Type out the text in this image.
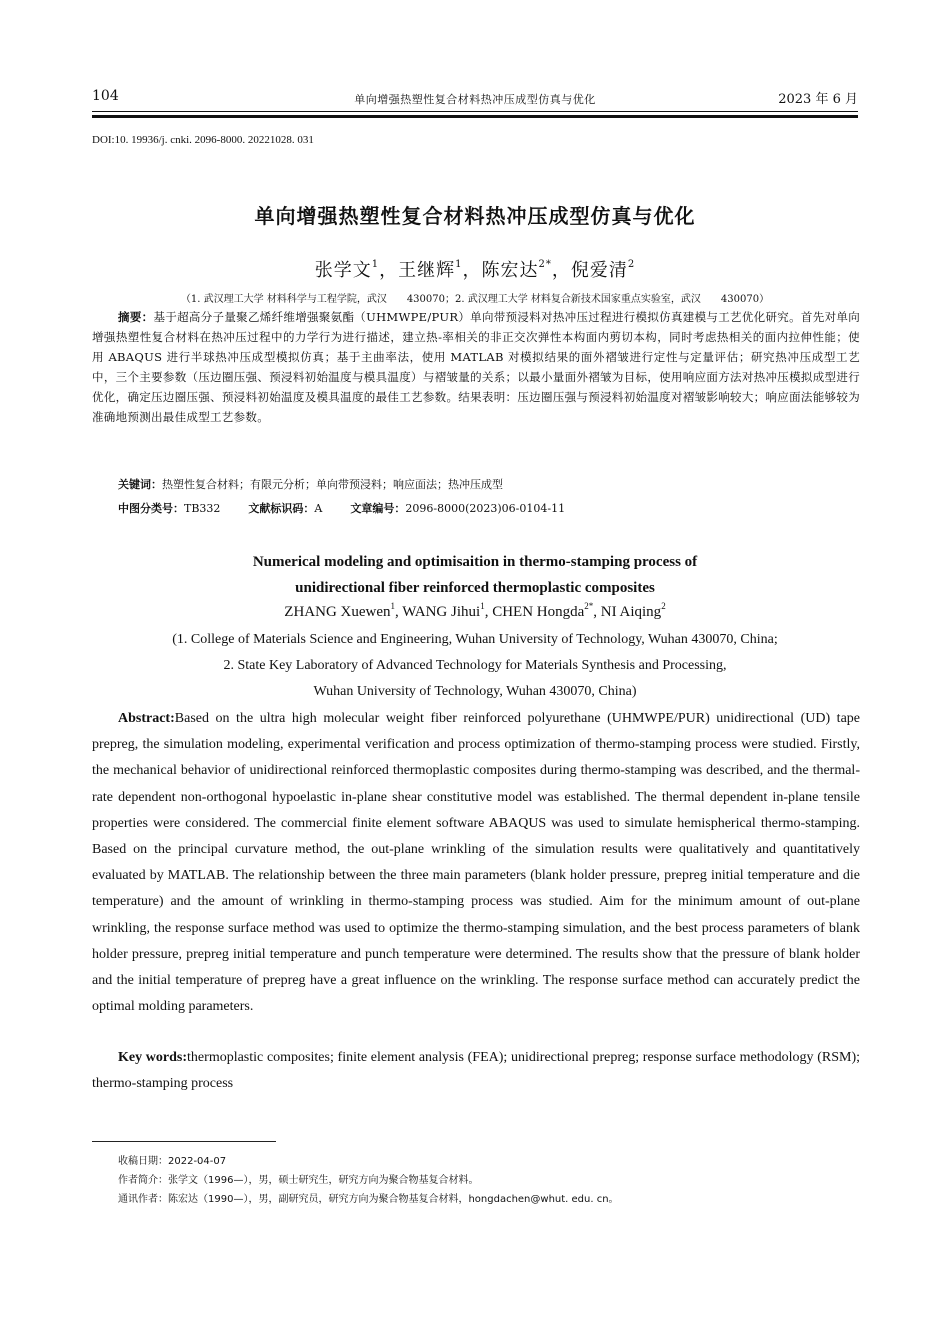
104	单向增强热塑性复合材料热冲压成型仿真与优化	2023 年 6 月
DOI:10. 19936/j. cnki. 2096-8000. 20221028. 031
单向增强热塑性复合材料热冲压成型仿真与优化
张学文$^1$，王继辉$^1$，陈宏达$^{2*}$，倪爱清$^2$
（1. 武汉理工大学 材料科学与工程学院，武汉　　430070；2. 武汉理工大学 材料复合新技术国家重点实验室，武汉　　430070）
摘要：基于超高分子量聚乙烯纤维增强聚氨酯（UHMWPE/PUR）单向带预浸料对热冲压过程进行模拟仿真建模与工艺优化研究。首先对单向增强热塑性复合材料在热冲压过程中的力学行为进行描述，建立热-率相关的非正交次弹性本构面内剪切本构，同时考虑热相关的面内拉伸性能；使用 ABAQUS 进行半球热冲压成型模拟仿真；基于主曲率法，使用 MATLAB 对模拟结果的面外褶皱进行定性与定量评估；研究热冲压成型工艺中，三个主要参数（压边圈压强、预浸料初始温度与模具温度）与褶皱量的关系；以最小量面外褶皱为目标，使用响应面方法对热冲压模拟成型进行优化，确定压边圈压强、预浸料初始温度及模具温度的最佳工艺参数。结果表明：压边圈压强与预浸料初始温度对褶皱影响较大；响应面法能够较为准确地预测出最佳成型工艺参数。
关键词：热塑性复合材料；有限元分析；单向带预浸料；响应面法；热冲压成型
中图分类号：TB332	文献标识码：A	文章编号：2096-8000(2023)06-0104-11
Numerical modeling and optimisaition in thermo-stamping process of
unidirectional fiber reinforced thermoplastic composites
ZHANG Xuewen$^1$, WANG Jihui$^1$, CHEN Hongda$^{2*}$, NI Aiqing$^2$
(1. College of Materials Science and Engineering, Wuhan University of Technology, Wuhan 430070, China;
2. State Key Laboratory of Advanced Technology for Materials Synthesis and Processing,
Wuhan University of Technology, Wuhan 430070, China)
Abstract:Based on the ultra high molecular weight fiber reinforced polyurethane (UHMWPE/PUR) unidirectional (UD) tape prepreg, the simulation modeling, experimental verification and process optimization of thermo-stamping process were studied. Firstly, the mechanical behavior of unidirectional reinforced thermoplastic composites during thermo-stamping was described, and the thermal-rate dependent non-orthogonal hypoelastic in-plane shear constitutive model was established. The thermal dependent in-plane tensile properties were considered. The commercial finite element software ABAQUS was used to simulate hemispherical thermo-stamping. Based on the principal curvature method, the out-plane wrinkling of the simulation results were qualitatively and quantitatively evaluated by MATLAB. The relationship between the three main parameters (blank holder pressure, prepreg initial temperature and die temperature) and the amount of wrinkling in thermo-stamping process was studied. Aim for the minimum amount of out-plane wrinkling, the response surface method was used to optimize the thermo-stamping simulation, and the best process parameters of blank holder pressure, prepreg initial temperature and punch temperature were determined. The results show that the pressure of blank holder and the initial temperature of prepreg have a great influence on the wrinkling. The response surface method can accurately predict the optimal molding parameters.
Key words:thermoplastic composites; finite element analysis (FEA); unidirectional prepreg; response surface methodology (RSM); thermo-stamping process
收稿日期：2022-04-07
作者简介：张学文（1996—），男，硕士研究生，研究方向为聚合物基复合材料。
通讯作者：陈宏达（1990—），男，副研究员，研究方向为聚合物基复合材料，hongdachen@whut. edu. cn。
